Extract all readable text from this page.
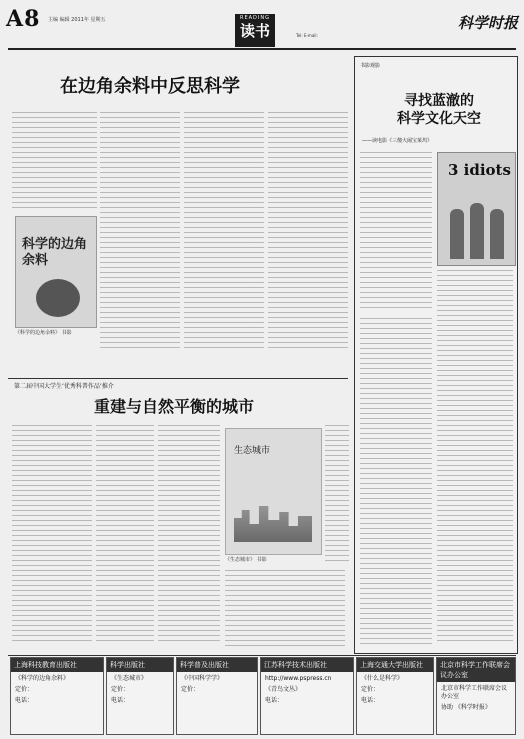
A8 主编 编辑 2011年 星期五	READING
读书	Tel: E-mail:
科学时报
在边角余料中反思科学
科学的边角余料
《科学的边角余料》 书影
第二届中国大学生‘优秀科普作品’推介
重建与自然平衡的城市
生态城市
《生态城市》 书影
书影观影
寻找蓝澈的
科学文化天空
——读电影《三傻大闹宝莱坞》
3 idiots
上海科技教育出版社
《科学的边角余料》
定价：
电话：
科学出版社
《生态城市》
定价：
电话：
科学普及出版社
《中国科学学》
定价：
江苏科学技术出版社
http://www.pspress.cn
《青鸟文丛》
电话：
上海交通大学出版社
《什么是科学》
定价：
电话：
北京市科学工作联席会议办公室
北京市科学工作联席会议办公室
协助 《科学时报》
